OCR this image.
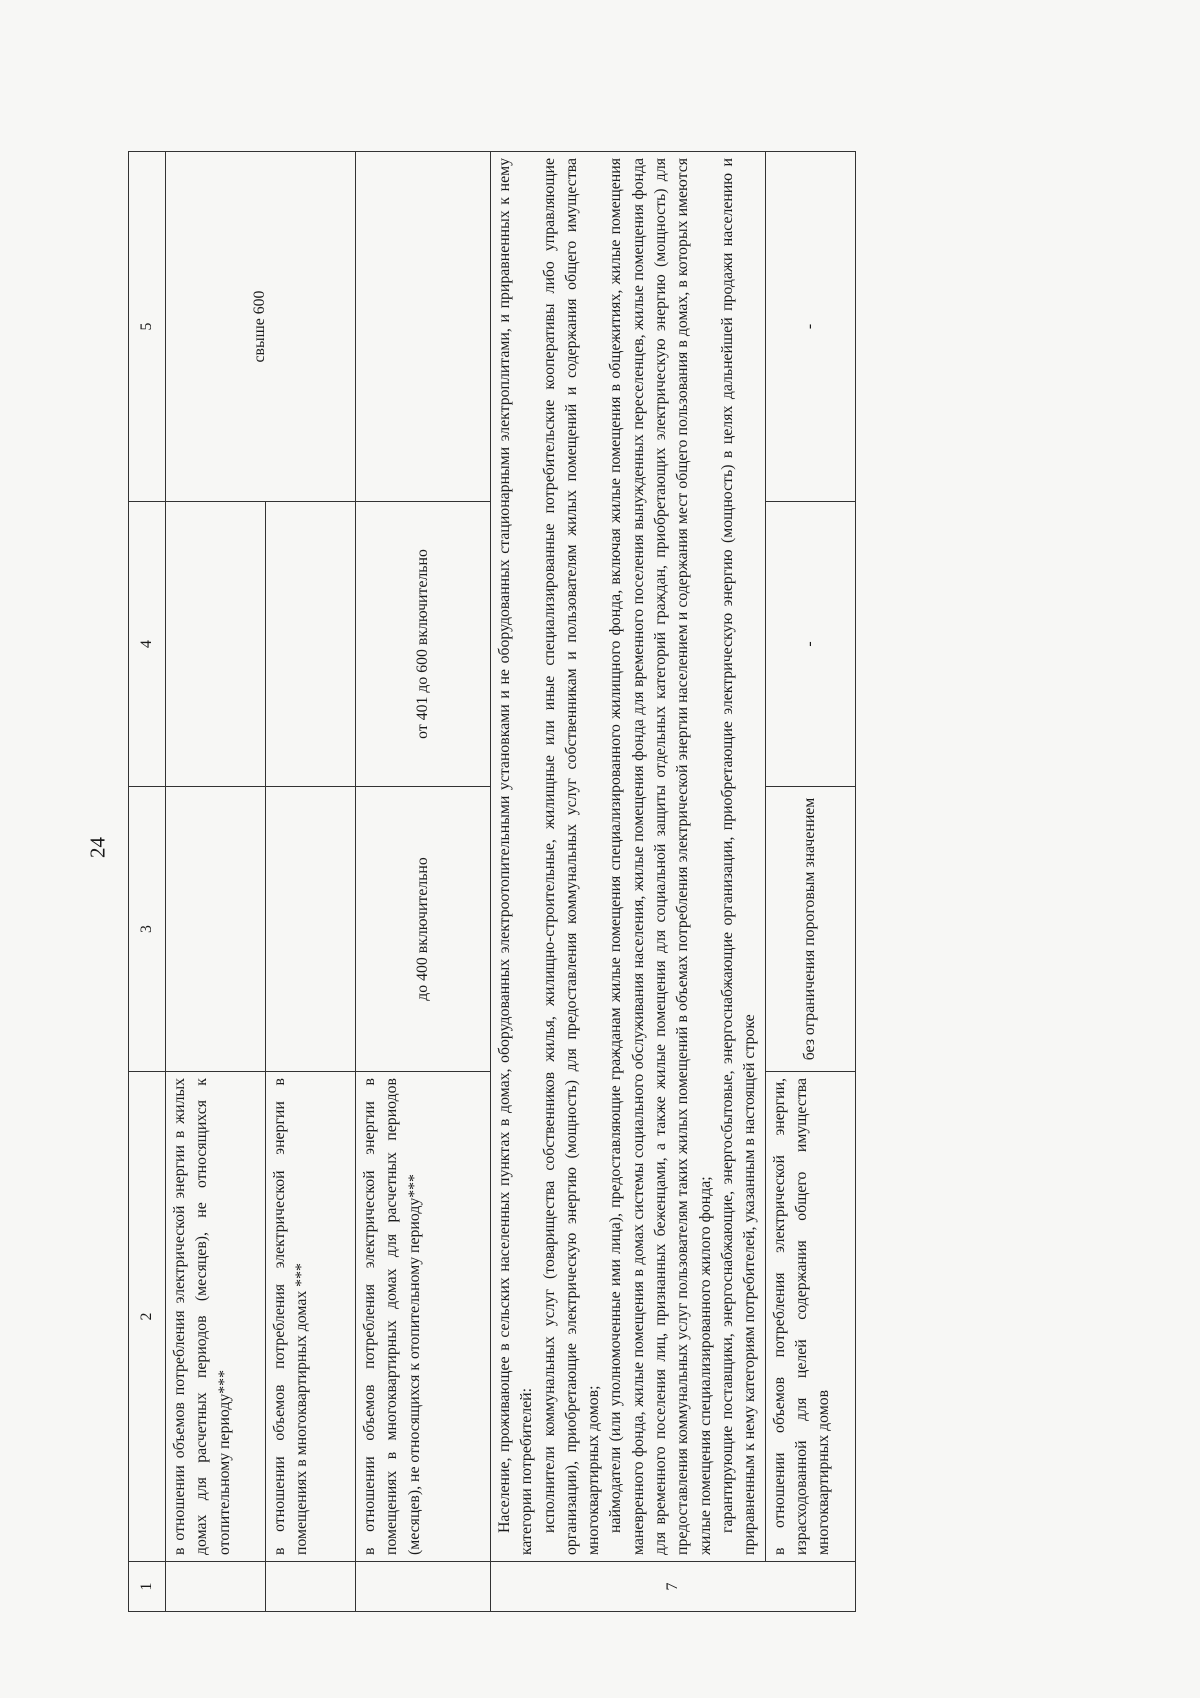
24
1	2	3	4	5
	в отношении объемов потребления электрической энергии в жилых домах для расчетных периодов (месяцев), не относящихся к отопительному периоду***			свыше 600
	в отношении объемов потребления электрической энергии в помещениях в многоквартирных домах ***			
	в отношении объемов потребления электрической энергии в помещениях в многоквартирных домах для расчетных периодов (месяцев), не относящихся к отопительному периоду***	до 400 включительно	от 401 до 600 включительно	
7	Население, проживающее в сельских населенных пунктах в домах, оборудованных электроотопительными установками и не оборудованных стационарными электроплитами, и приравненных к нему категории потребителей: исполнители коммунальных услуг (товарищества собственников жилья, жилищно-строительные, жилищные или иные специализированные потребительские кооперативы либо управляющие организации), приобретающие электрическую энергию (мощность) для предоставления коммунальных услуг собственникам и пользователям жилых помещений и содержания общего имущества многоквартирных домов; наймодатели (или уполномоченные ими лица), предоставляющие гражданам жилые помещения специализированного жилищного фонда, включая жилые помещения в общежитиях, жилые помещения маневренного фонда, жилые помещения в домах системы социального обслуживания населения, жилые помещения фонда для временного поселения вынужденных переселенцев, жилые помещения фонда для временного поселения лиц, признанных беженцами, а также жилые помещения для социальной защиты отдельных категорий граждан, приобретающих электрическую энергию (мощность) для предоставления коммунальных услуг пользователям таких жилых помещений в объемах потребления электрической энергии населением и содержания мест общего пользования в домах, в которых имеются жилые помещения специализированного жилого фонда; гарантирующие поставщики, энергоснабжающие, энергосбытовые, энергоснабжающие организации, приобретающие электрическую энергию (мощность) в целях дальнейшей продажи населению и приравненным к нему категориям потребителей, указанным в настоящей строке			

	в отношении объемов потребления электрической энергии, израсходованной для целей содержания общего имущества многоквартирных домов	без ограничения пороговым значением	-	-
